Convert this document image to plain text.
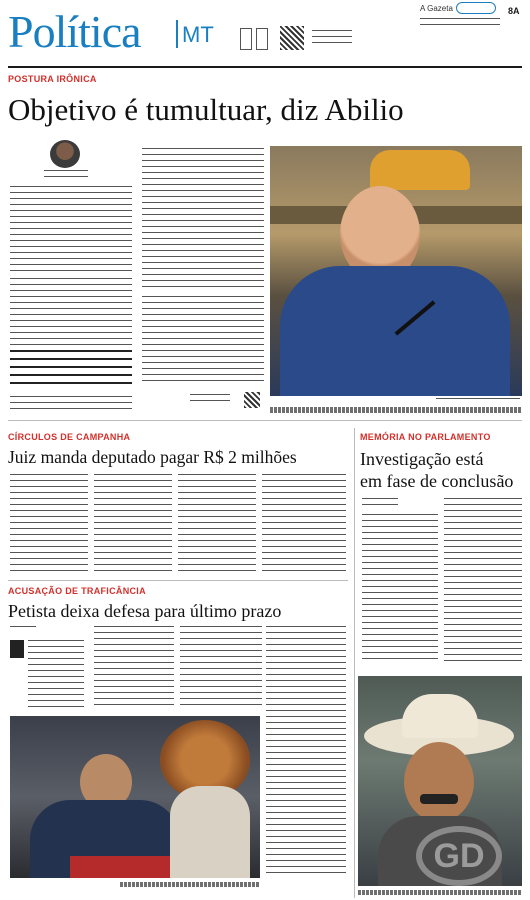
Política MT
A Gazeta	8A
POSTURA IRÔNICA
Objetivo é tumultuar, diz Abilio
CÍRCULOS DE CAMPANHA
Juiz manda deputado pagar R$ 2 milhões
MEMÓRIA NO PARLAMENTO
Investigação está
em fase de conclusão
GD
ACUSAÇÃO DE TRAFICÂNCIA
Petista deixa defesa para último prazo
